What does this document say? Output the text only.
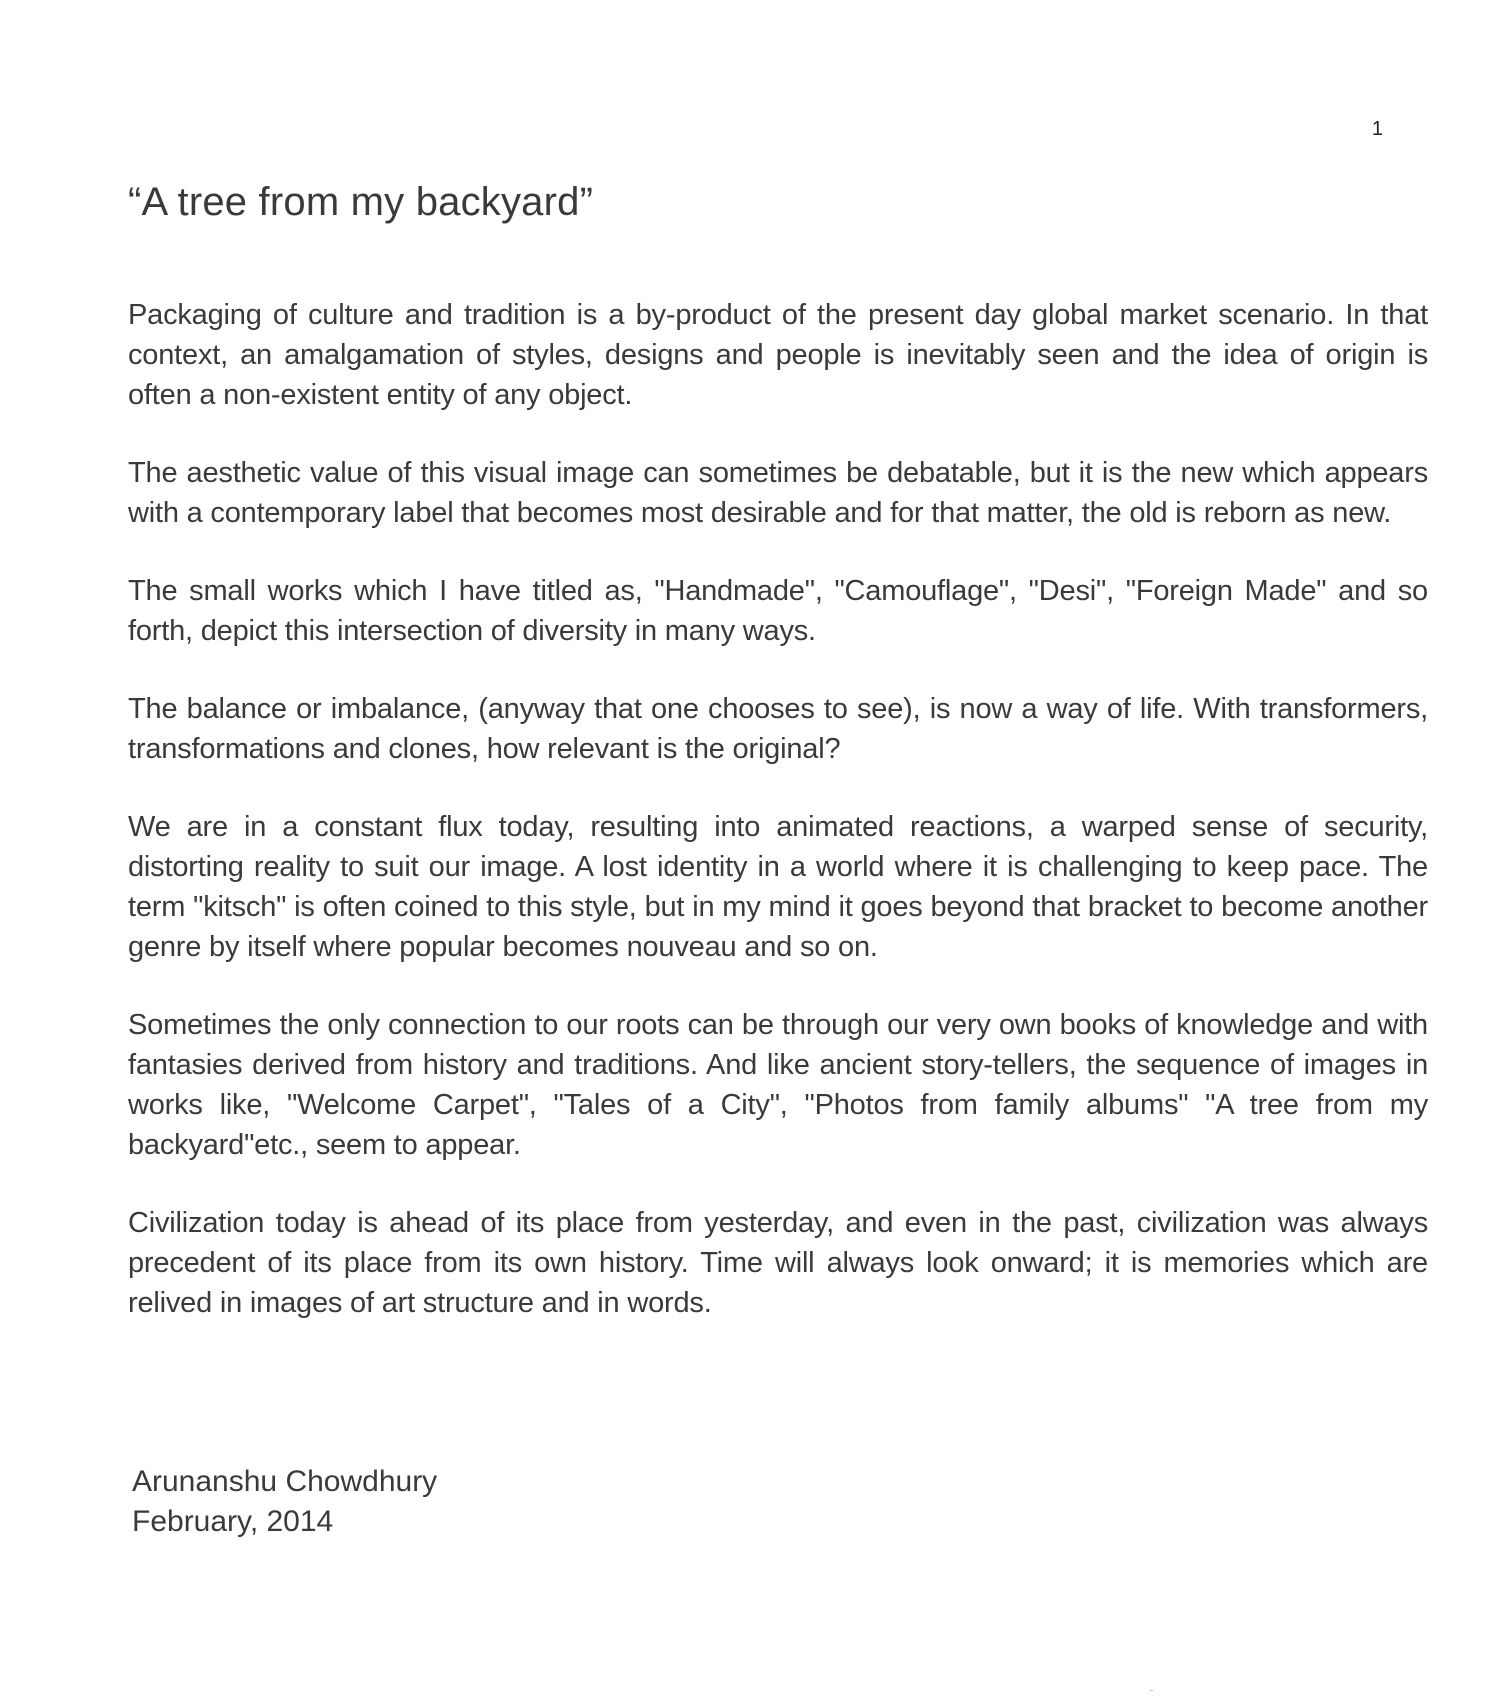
1
“A tree from my backyard”

Packaging of culture and tradition is a by-product of the present day global market scenario. In that context, an amalgamation of styles, designs and people is inevitably seen and the idea of origin is often a non-existent entity of any object.

The aesthetic value of this visual image can sometimes be debatable, but it is the new which appears with a contemporary label that becomes most desirable and for that matter, the old is reborn as new.

The small works which I have titled as, "Handmade", "Camouflage", "Desi", "Foreign Made" and so forth, depict this intersection of diversity in many ways.

The balance or imbalance, (anyway that one chooses to see), is now a way of life. With transformers, transformations and clones, how relevant is the original?

We are in a constant flux today, resulting into animated reactions, a warped sense of security, distorting reality to suit our image. A lost identity in a world where it is challenging to keep pace. The term "kitsch" is often coined to this style, but in my mind it goes beyond that bracket to become another genre by itself where popular becomes nouveau and so on.

Sometimes the only connection to our roots can be through our very own books of knowledge and with fantasies derived from history and traditions. And like ancient story-tellers, the sequence of images in works like, "Welcome Carpet", "Tales of a City", "Photos from family albums" "A tree from my backyard"etc., seem to appear.

Civilization today is ahead of its place from yesterday, and even in the past, civilization was always precedent of its place from its own history. Time will always look onward; it is memories which are relived in images of art structure and in words.

Arunanshu Chowdhury
February, 2014
